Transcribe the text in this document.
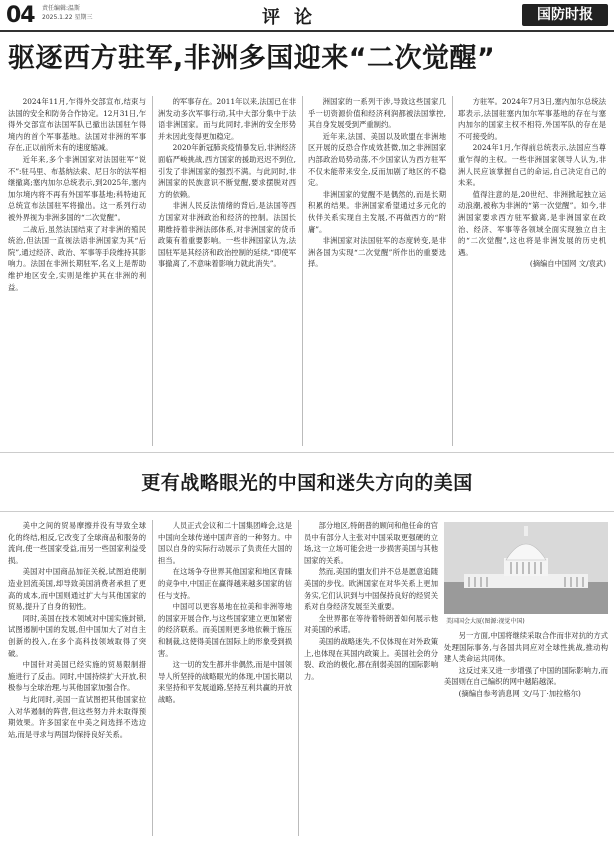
04 责任编辑:温斯
2025.1.22 星期三	评论	国防时报
驱逐西方驻军,非洲多国迎来“二次觉醒”

2024年11月,乍得外交部宣布,结束与法国的安全和防务合作协定。12月31日,乍得外交部宣布法国军队已撤出法国驻乍得境内的首个军事基地。法国对非洲的军事存在,正以前所未有的速度缩减。

近年来,多个非洲国家对法国驻军“说不”:驻马里、布基纳法索、尼日尔的法军相继撤离;塞内加尔总统表示,到2025年,塞内加尔境内将不再有外国军事基地;科特迪瓦总统宣布法国驻军将撤出。这一系列行动被外界视为非洲多国的“二次觉醒”。

二战后,虽然法国结束了对非洲的殖民统治,但法国一直视法语非洲国家为其“后院”,通过经济、政治、军事等手段维持其影响力。法国在非洲长期驻军,名义上是帮助维护地区安全,实则是维护其在非洲的利益。

的军事存在。2011年以来,法国已在非洲发动多次军事行动,其中大部分集中于法语非洲国家。而与此同时,非洲的安全形势并未因此变得更加稳定。

2020年新冠肺炎疫情暴发后,非洲经济面临严峻挑战,西方国家的援助迟迟不到位,引发了非洲国家的强烈不满。与此同时,非洲国家的民族意识不断觉醒,要求摆脱对西方的依赖。

非洲人民反法情绪的背后,是法国等西方国家对非洲政治和经济的控制。法国长期维持着非洲法郎体系,对非洲国家的货币政策有着重要影响。一些非洲国家认为,法国驻军是其经济和政治控制的延续,“即使军事撤离了,不意味着影响力就此消失”。

洲国家的一系列干涉,导致这些国家几乎一切资源价值和经济利润都被法国掌控,其自身发展受到严重制约。

近年来,法国、美国以及欧盟在非洲地区开展的反恐合作成效甚微,加之非洲国家内部政治局势动荡,不少国家认为西方驻军不仅未能带来安全,反而加剧了地区的不稳定。

非洲国家的觉醒不是偶然的,而是长期积累的结果。非洲国家希望通过多元化的伙伴关系实现自主发展,不再做西方的“附庸”。

非洲国家对法国驻军的态度转变,是非洲各国为实现“二次觉醒”所作出的重要选择。

方驻军。2024年7月3日,塞内加尔总统法耶表示,法国驻塞内加尔军事基地的存在与塞内加尔的国家主权不相符,外国军队的存在是不可接受的。

2024年1月,乍得前总统表示,法国应当尊重乍得的主权。一些非洲国家领导人认为,非洲人民应该掌握自己的命运,自己决定自己的未来。

值得注意的是,20世纪、非洲掀起独立运动浪潮,被称为非洲的“第一次觉醒”。如今,非洲国家要求西方驻军撤离,是非洲国家在政治、经济、军事等各领域全面实现独立自主的“二次觉醒”,这也将是非洲发展的历史机遇。

(摘编自中国网 文/袁武)

更有战略眼光的中国和迷失方向的美国

美中之间的贸易摩擦并没有导致全球化的终结,相反,它改变了全球商品和服务的流向,使一些国家受益,而另一些国家利益受损。

美国对中国商品加征关税,试图迫使制造业回流美国,却导致美国消费者承担了更高的成本,而中国则通过扩大与其他国家的贸易,提升了自身的韧性。

同时,美国在技术领域对中国实施封锁,试图遏制中国的发展,但中国加大了对自主创新的投入,在多个高科技领域取得了突破。

中国针对美国已经实施的贸易限制措施进行了反击。同时,中国持续扩大开放,积极参与全球治理,与其他国家加强合作。

与此同时,美国一直试图把其他国家拉入对华遏制的阵营,但这些努力并未取得预期效果。许多国家在中美之间选择不选边站,而是寻求与两国均保持良好关系。

人员正式会议和二十国集团峰会,这是中国向全球传递中国声音的一种努力。中国以自身的实际行动展示了负责任大国的担当。

在这场争夺世界其他国家和地区青睐的竞争中,中国正在赢得越来越多国家的信任与支持。

中国可以更容易地在拉美和非洲等地的国家开展合作,与这些国家建立更加紧密的经济联系。而美国则更多地依赖于施压和制裁,这使得美国在国际上的形象受到损害。

这一切的发生都并非偶然,而是中国领导人所坚持的战略眼光的体现,中国长期以来坚持和平发展道路,坚持互利共赢的开放战略。

部分地区,特朗普的顾问和他任命的官员中有部分人主张对中国采取更强硬的立场,这一立场可能会进一步损害美国与其他国家的关系。

然而,美国的盟友们并不总是愿意追随美国的步伐。欧洲国家在对华关系上更加务实,它们认识到与中国保持良好的经贸关系对自身经济发展至关重要。

全世界都在等待着特朗普如何展示他对美国的承诺。

美国的战略迷失,不仅体现在对外政策上,也体现在其国内政策上。美国社会的分裂、政治的极化,都在削弱美国的国际影响力。

美国国会大厦(图源:视觉中国)

另一方面,中国将继续采取合作而非对抗的方式处理国际事务,与各国共同应对全球性挑战,推动构建人类命运共同体。

这反过来又进一步增强了中国的国际影响力,而美国则在自己编织的网中越陷越深。

(摘编自参考消息网 文/马丁·加拉格尔)
